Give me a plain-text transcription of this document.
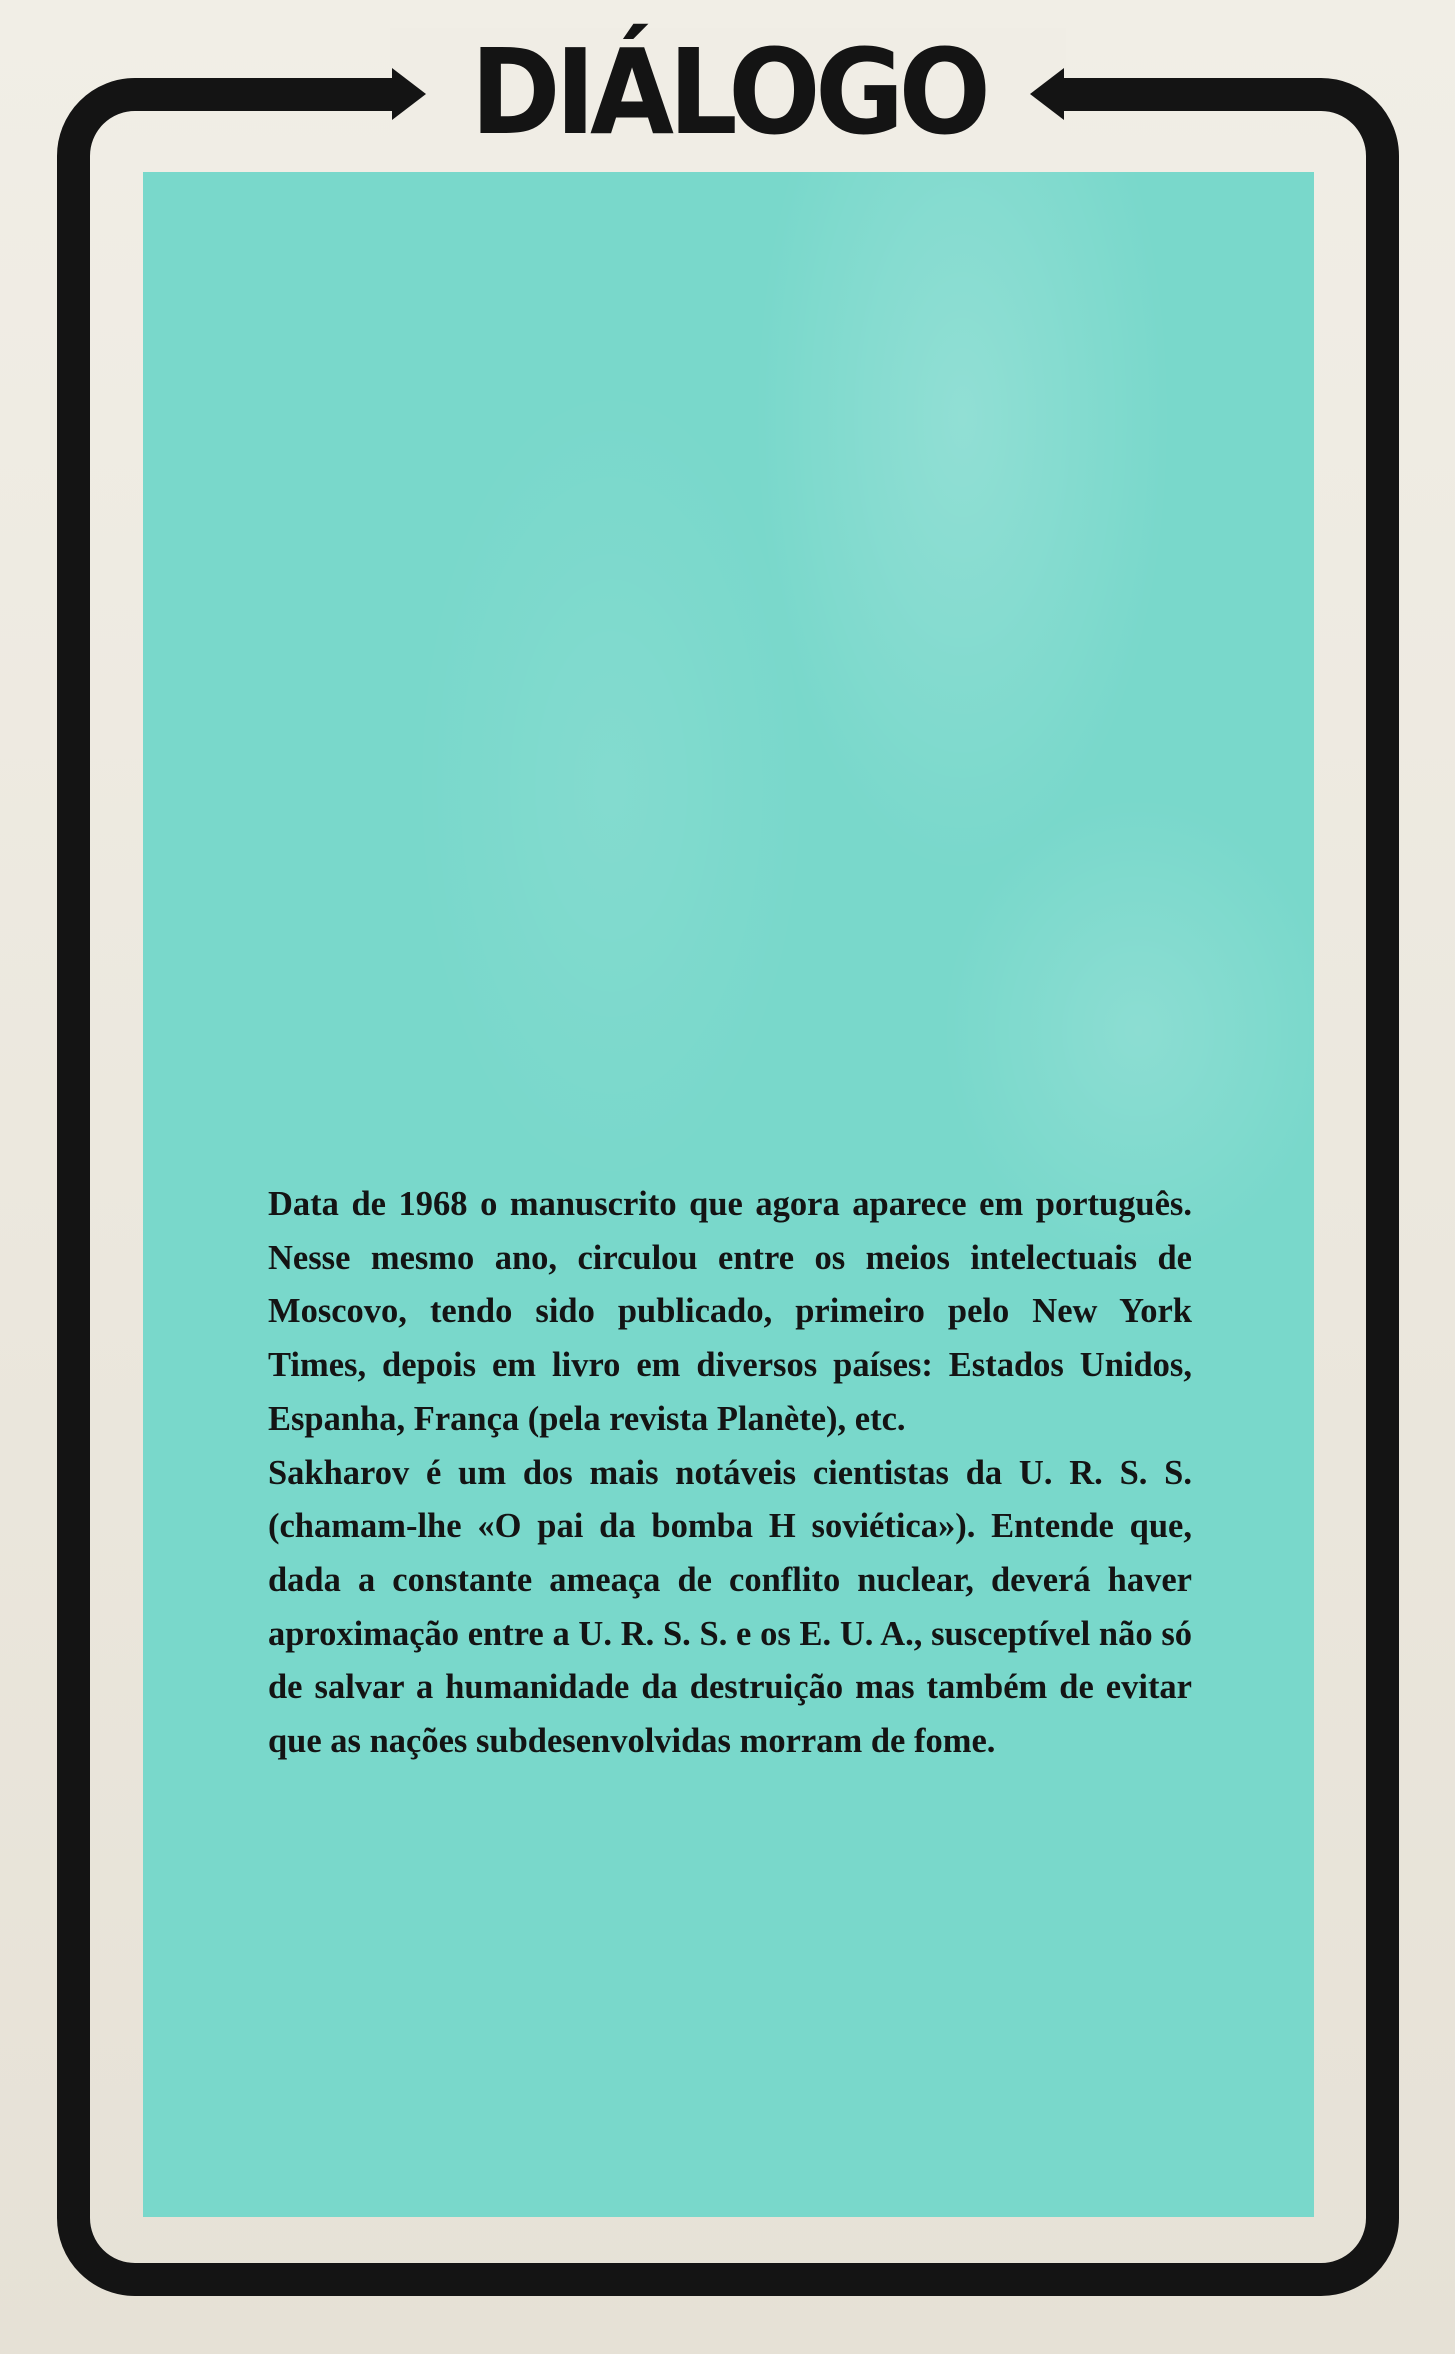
DIÁLOGO

Data de 1968 o manuscrito que agora aparece em português. Nesse mesmo ano, circulou entre os meios intelectuais de Moscovo, tendo sido publicado, primeiro pelo New York Times, depois em livro em diversos países: Estados Unidos, Espanha, França (pela revista Planète), etc.

Sakharov é um dos mais notáveis cientistas da U. R. S. S. (chamam-lhe «O pai da bomba H soviética»). Entende que, dada a constante ameaça de conflito nuclear, deverá haver aproximação entre a U. R. S. S. e os E. U. A., susceptível não só de salvar a humanidade da destruição mas também de evitar que as nações subdesenvolvidas morram de fome.
